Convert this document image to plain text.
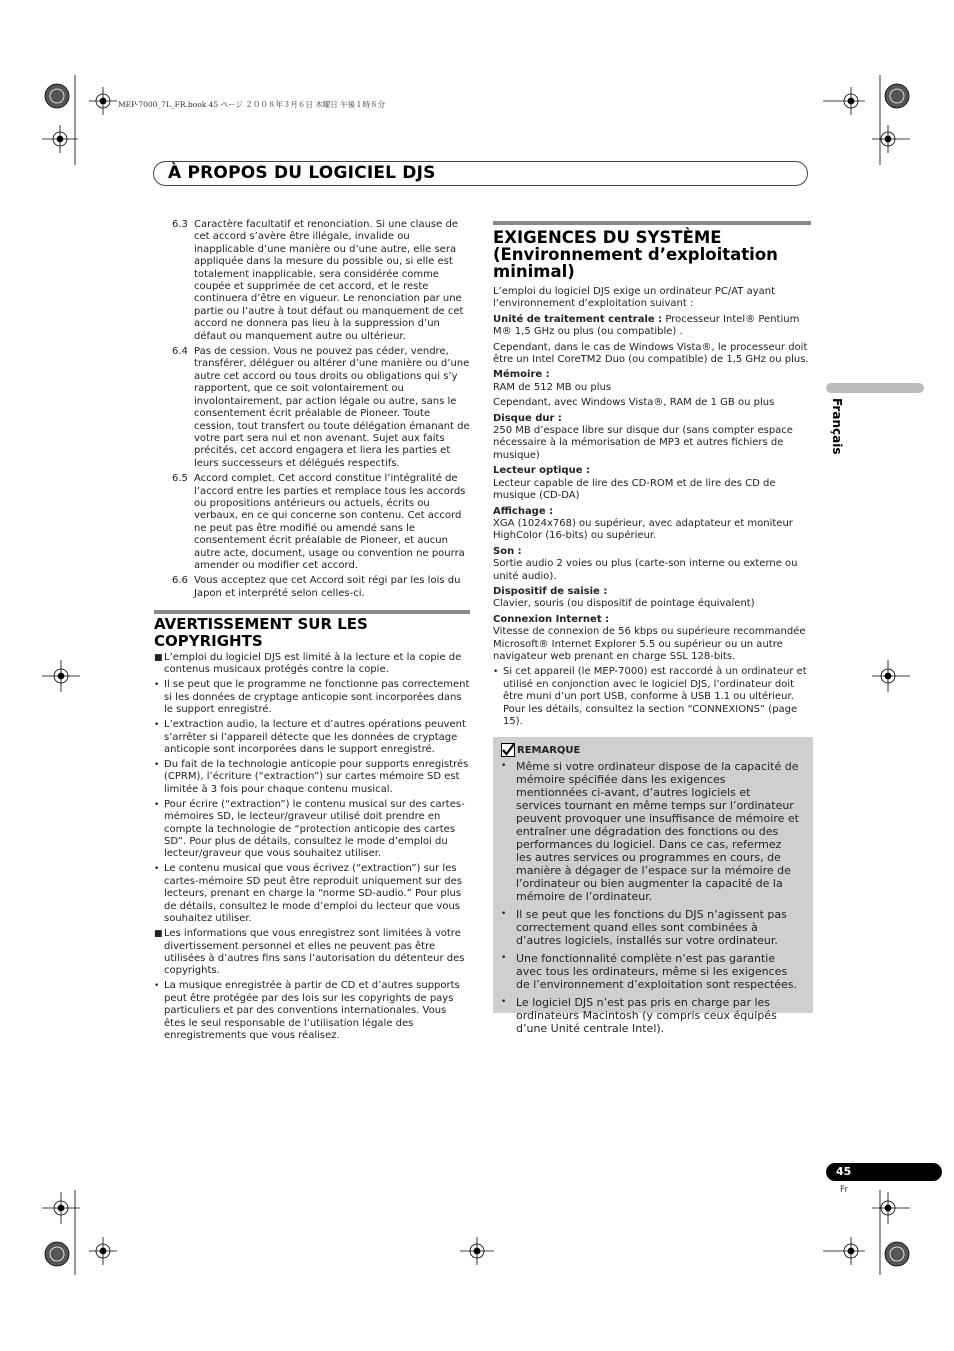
MEP-7000_7L_FR.book 45 ページ ２００８年３月６日 木曜日 午後１時８分
À PROPOS DU LOGICIEL DJS
6.3 Caractère facultatif et renonciation. Si une clause de cet accord s’avère être illégale, invalide ou inapplicable d’une manière ou d’une autre, elle sera appliquée dans la mesure du possible ou, si elle est totalement inapplicable, sera considérée comme coupée et supprimée de cet accord, et le reste continuera d’être en vigueur. Le renonciation par une partie ou l’autre à tout défaut ou manquement de cet accord ne donnera pas lieu à la suppression d’un défaut ou manquement autre ou ultérieur.
6.4 Pas de cession. Vous ne pouvez pas céder, vendre, transférer, déléguer ou altérer d’une manière ou d’une autre cet accord ou tous droits ou obligations qui s’y rapportent, que ce soit volontairement ou involontairement, par action légale ou autre, sans le consentement écrit préalable de Pioneer. Toute cession, tout transfert ou toute délégation émanant de votre part sera nul et non avenant. Sujet aux faits précités, cet accord engagera et liera les parties et leurs successeurs et délégués respectifs.
6.5 Accord complet. Cet accord constitue l’intégralité de l’accord entre les parties et remplace tous les accords ou propositions antérieurs ou actuels, écrits ou verbaux, en ce qui concerne son contenu. Cet accord ne peut pas être modifié ou amendé sans le consentement écrit préalable de Pioneer, et aucun autre acte, document, usage ou convention ne pourra amender ou modifier cet accord.
6.6 Vous acceptez que cet Accord soit régi par les lois du Japon et interprété selon celles-ci.
AVERTISSEMENT SUR LES COPYRIGHTS
■ L’emploi du logiciel DJS est limité à la lecture et la copie de contenus musicaux protégés contre la copie.
• Il se peut que le programme ne fonctionne pas correctement si les données de cryptage anticopie sont incorporées dans le support enregistré.
• L’extraction audio, la lecture et d’autres opérations peuvent s’arrêter si l’appareil détecte que les données de cryptage anticopie sont incorporées dans le support enregistré.
• Du fait de la technologie anticopie pour supports enregistrés (CPRM), l’écriture (“extraction”) sur cartes mémoire SD est limitée à 3 fois pour chaque contenu musical.
• Pour écrire (“extraction”) le contenu musical sur des cartes-mémoires SD, le lecteur/graveur utilisé doit prendre en compte la technologie de “protection anticopie des cartes SD”. Pour plus de détails, consultez le mode d’emploi du lecteur/graveur que vous souhaitez utiliser.
• Le contenu musical que vous écrivez (“extraction”) sur les cartes-mémoire SD peut être reproduit uniquement sur des lecteurs, prenant en charge la “norme SD-audio.” Pour plus de détails, consultez le mode d’emploi du lecteur que vous souhaitez utiliser.
■ Les informations que vous enregistrez sont limitées à votre divertissement personnel et elles ne peuvent pas être utilisées à d’autres fins sans l’autorisation du détenteur des copyrights.
• La musique enregistrée à partir de CD et d’autres supports peut être protégée par des lois sur les copyrights de pays particuliers et par des conventions internationales. Vous êtes le seul responsable de l’utilisation légale des enregistrements que vous réalisez.
EXIGENCES DU SYSTÈME
(Environnement d’exploitation
minimal)
L’emploi du logiciel DJS exige un ordinateur PC/AT ayant l’environnement d’exploitation suivant :
Unité de traitement centrale : Processeur Intel® Pentium M® 1,5 GHz ou plus (ou compatible) .
Cependant, dans le cas de Windows Vista®, le processeur doit être un Intel CoreTM2 Duo (ou compatible) de 1,5 GHz ou plus.
Mémoire :
RAM de 512 MB ou plus
Cependant, avec Windows Vista®, RAM de 1 GB ou plus
Disque dur :
250 MB d’espace libre sur disque dur (sans compter espace nécessaire à la mémorisation de MP3 et autres fichiers de musique)
Lecteur optique :
Lecteur capable de lire des CD-ROM et de lire des CD de musique (CD-DA)
Affichage :
XGA (1024x768) ou supérieur, avec adaptateur et moniteur HighColor (16-bits) ou supérieur.
Son :
Sortie audio 2 voies ou plus (carte-son interne ou externe ou unité audio).
Dispositif de saisie :
Clavier, souris (ou dispositif de pointage équivalent)
Connexion Internet :
Vitesse de connexion de 56 kbps ou supérieure recommandée Microsoft® Internet Explorer 5.5 ou supérieur ou un autre navigateur web prenant en charge SSL 128-bits.
• Si cet appareil (le MEP-7000) est raccordé à un ordinateur et utilisé en conjonction avec le logiciel DJS, l’ordinateur doit être muni d’un port USB, conforme à USB 1.1 ou ultérieur. Pour les détails, consultez la section “CONNEXIONS” (page 15).
REMARQUE
• Même si votre ordinateur dispose de la capacité de mémoire spécifiée dans les exigences mentionnées ci-avant, d’autres logiciels et services tournant en même temps sur l’ordinateur peuvent provoquer une insuffisance de mémoire et entraîner une dégradation des fonctions ou des performances du logiciel. Dans ce cas, refermez les autres services ou programmes en cours, de manière à dégager de l’espace sur la mémoire de l’ordinateur ou bien augmenter la capacité de la mémoire de l’ordinateur.
• Il se peut que les fonctions du DJS n’agissent pas correctement quand elles sont combinées à d’autres logiciels, installés sur votre ordinateur.
• Une fonctionnalité complète n’est pas garantie avec tous les ordinateurs, même si les exigences de l’environnement d’exploitation sont respectées.
• Le logiciel DJS n’est pas pris en charge par les ordinateurs Macintosh (y compris ceux équipés d’une Unité centrale Intel).
Français
45
Fr
